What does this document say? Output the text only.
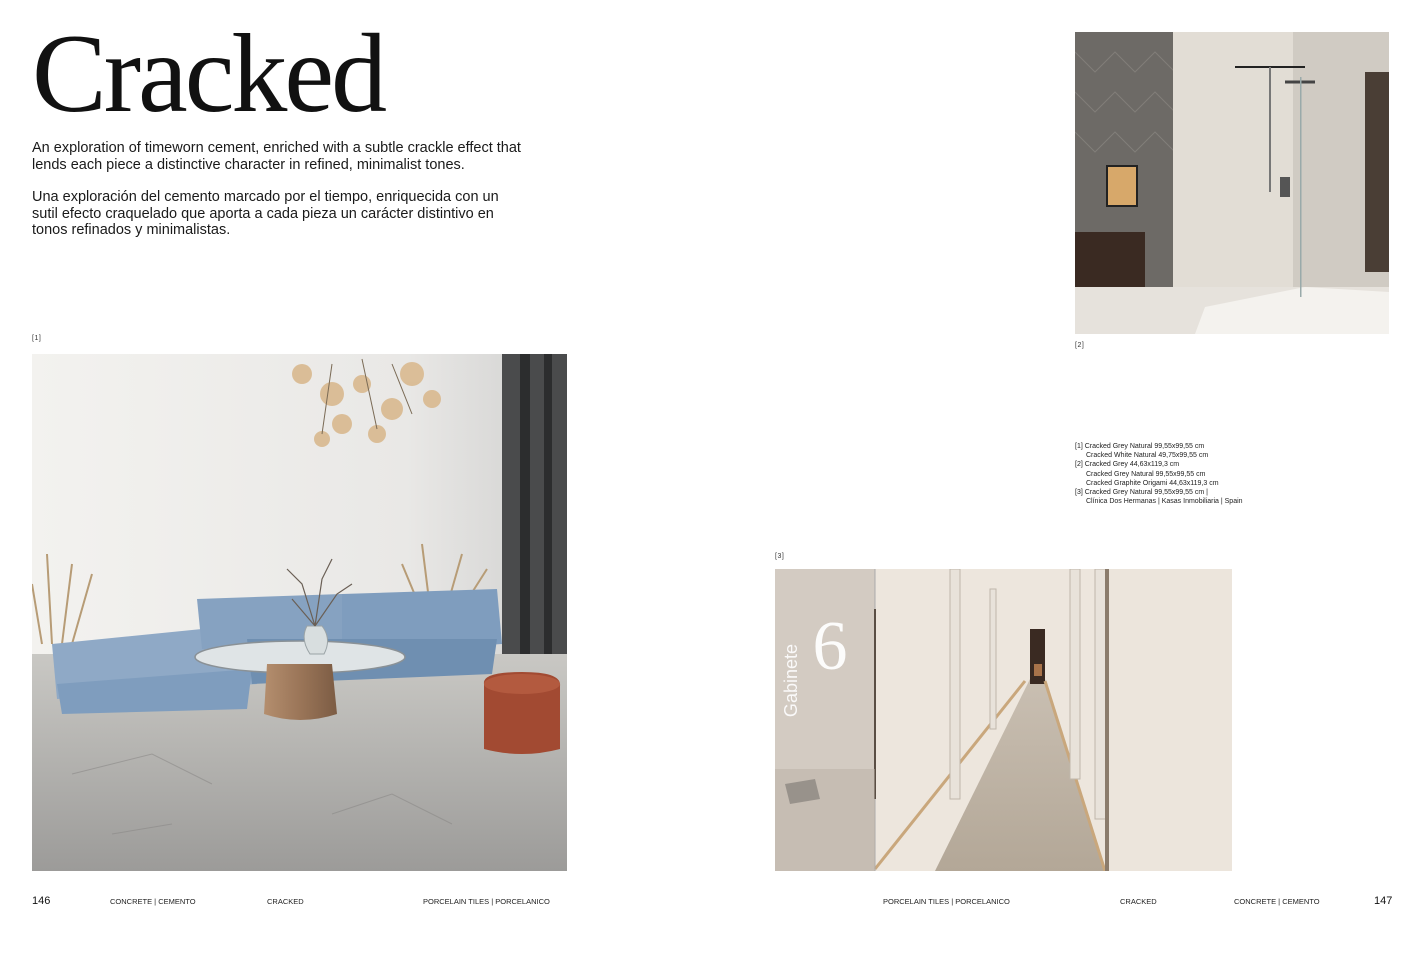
Cracked
An exploration of timeworn cement, enriched with a subtle crackle effect that lends each piece a distinctive character in refined, minimalist tones.
Una exploración del cemento marcado por el tiempo, enriquecida con un sutil efecto craquelado que aporta a cada pieza un carácter distintivo en tonos refinados y minimalistas.
[1]
[2]
[1] Cracked Grey Natural 99,55x99,55 cm
Cracked White Natural 49,75x99,55 cm
[2] Cracked Grey 44,63x119,3 cm
Cracked Grey Natural 99,55x99,55 cm
Cracked Graphite Origami 44,63x119,3 cm
[3] Cracked Grey Natural 99,55x99,55 cm |
Clínica Dos Hermanas | Kasas Inmobiliaria | Spain
[3]
Gabinete 6
146	CONCRETE | CEMENTO	CRACKED	PORCELAIN TILES | PORCELANICO	PORCELAIN TILES | PORCELANICO	CRACKED	CONCRETE | CEMENTO	147
